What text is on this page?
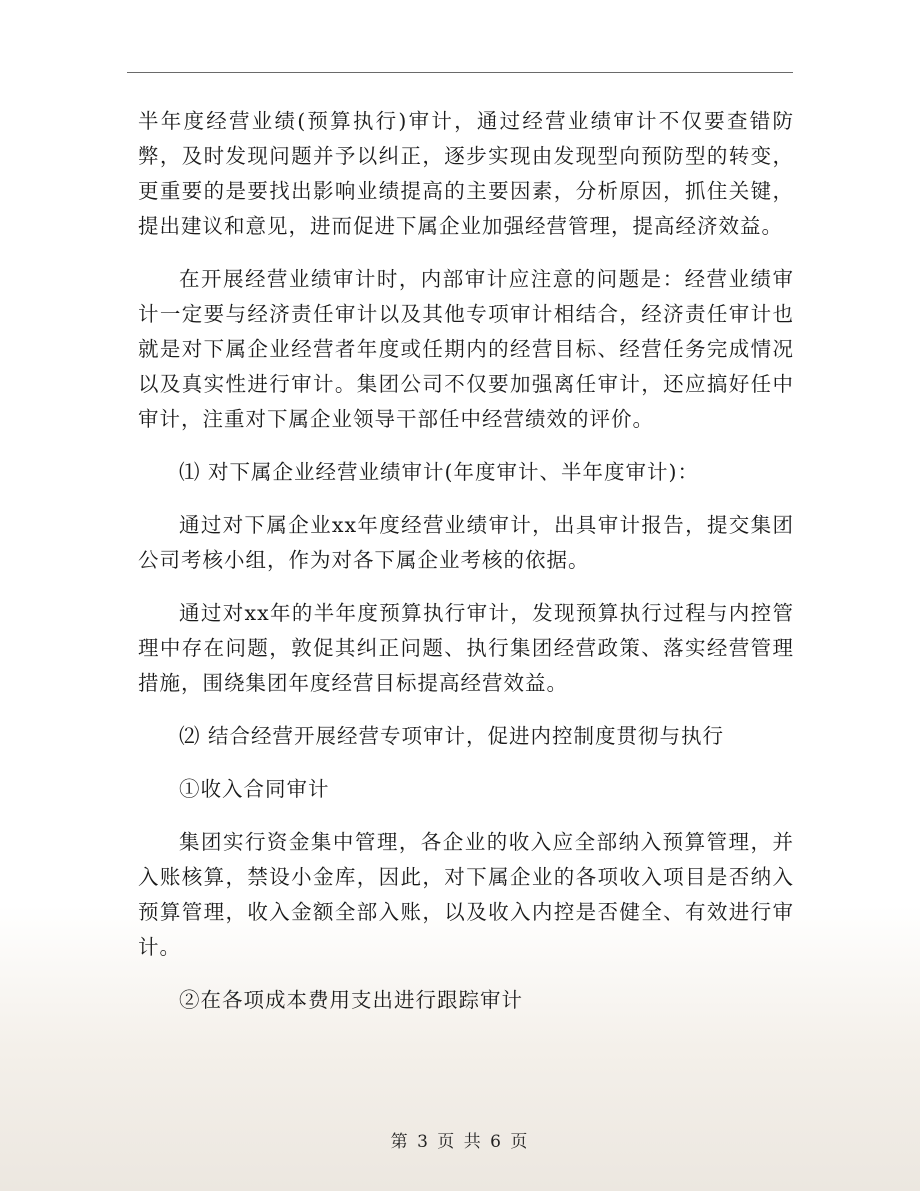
半年度经营业绩(预算执行)审计，通过经营业绩审计不仅要查错防弊，及时发现问题并予以纠正，逐步实现由发现型向预防型的转变，更重要的是要找出影响业绩提高的主要因素，分析原因，抓住关键，提出建议和意见，进而促进下属企业加强经营管理，提高经济效益。

在开展经营业绩审计时，内部审计应注意的问题是：经营业绩审计一定要与经济责任审计以及其他专项审计相结合，经济责任审计也就是对下属企业经营者年度或任期内的经营目标、经营任务完成情况以及真实性进行审计。集团公司不仅要加强离任审计，还应搞好任中审计，注重对下属企业领导干部任中经营绩效的评价。

⑴ 对下属企业经营业绩审计(年度审计、半年度审计)：

通过对下属企业xx年度经营业绩审计，出具审计报告，提交集团公司考核小组，作为对各下属企业考核的依据。

通过对xx年的半年度预算执行审计，发现预算执行过程与内控管理中存在问题，敦促其纠正问题、执行集团经营政策、落实经营管理措施，围绕集团年度经营目标提高经营效益。

⑵ 结合经营开展经营专项审计，促进内控制度贯彻与执行

①收入合同审计

集团实行资金集中管理，各企业的收入应全部纳入预算管理，并入账核算，禁设小金库，因此，对下属企业的各项收入项目是否纳入预算管理，收入金额全部入账，以及收入内控是否健全、有效进行审计。

②在各项成本费用支出进行跟踪审计

第 3 页 共 6 页
